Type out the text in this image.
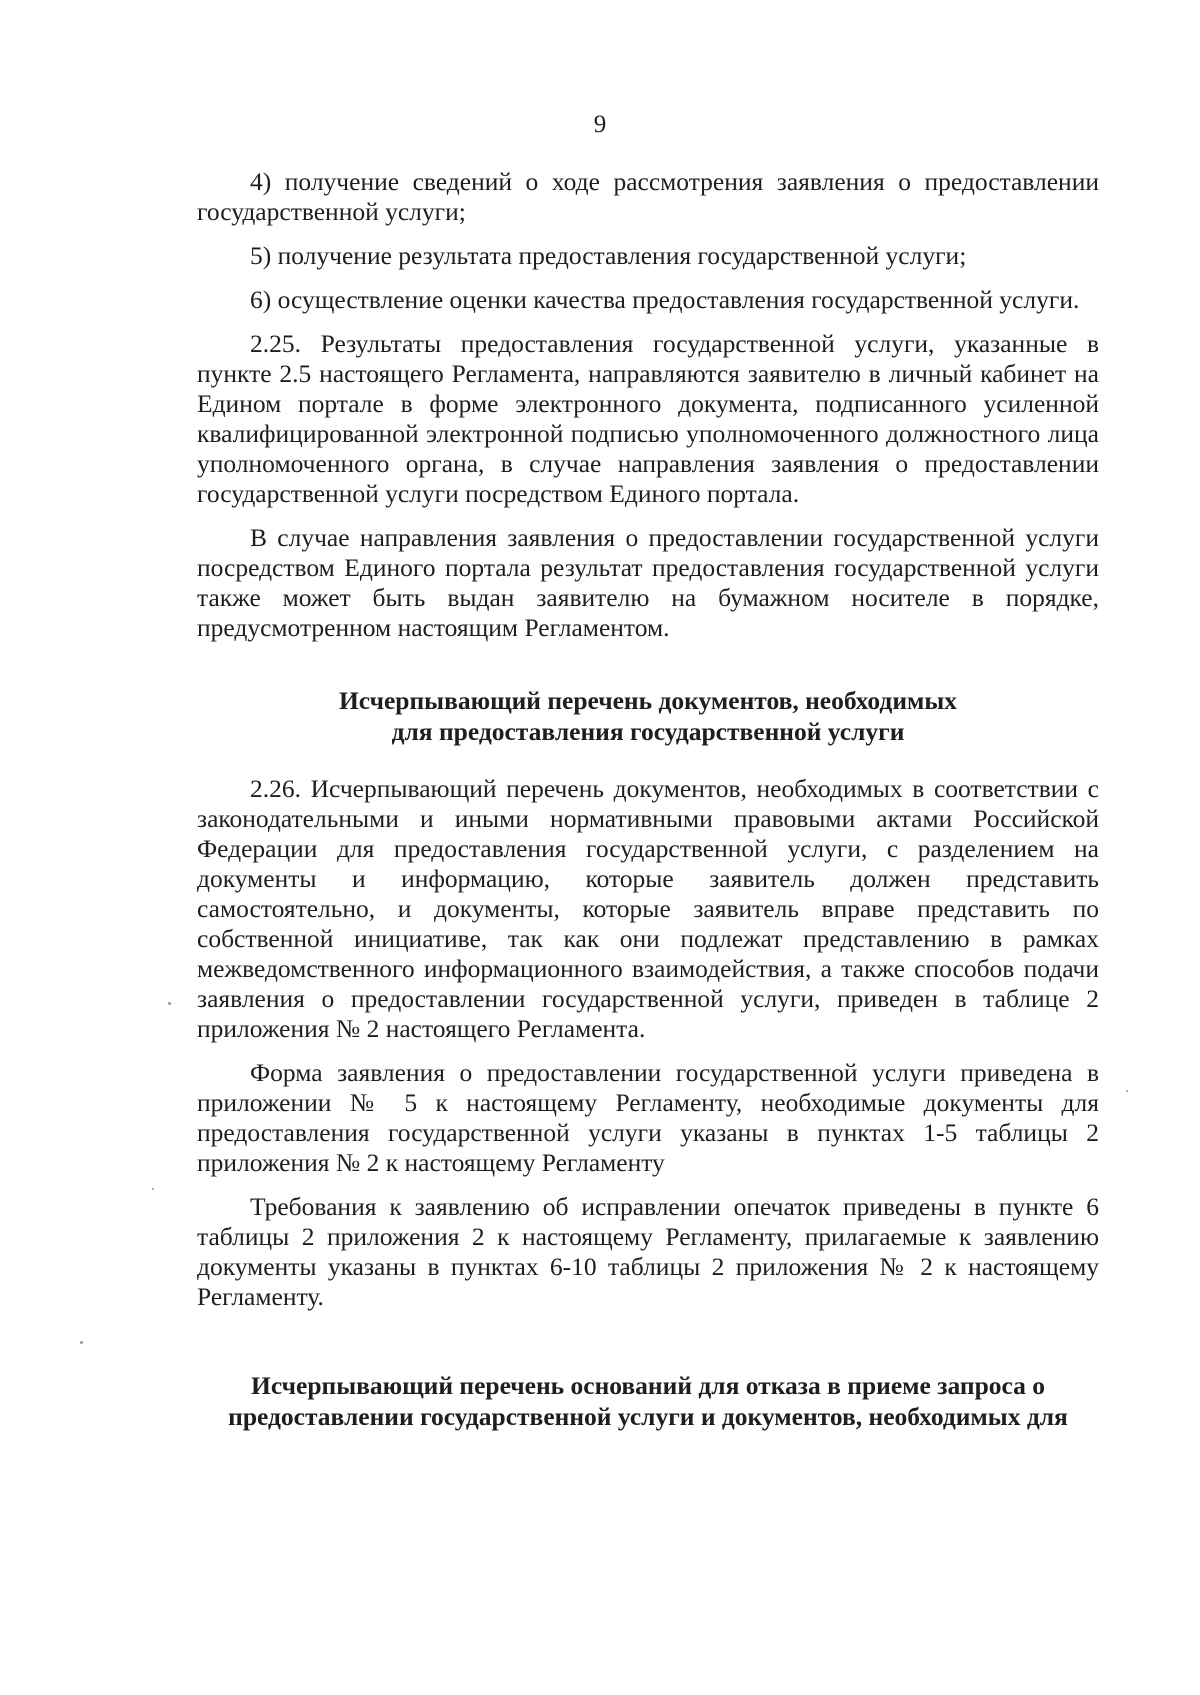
9

4) получение сведений о ходе рассмотрения заявления о предоставлении государственной услуги;

5) получение результата предоставления государственной услуги;

6) осуществление оценки качества предоставления государственной услуги.

2.25. Результаты предоставления государственной услуги, указанные в пункте 2.5 настоящего Регламента, направляются заявителю в личный кабинет на Едином портале в форме электронного документа, подписанного усиленной квалифицированной электронной подписью уполномоченного должностного лица уполномоченного органа, в случае направления заявления о предоставлении государственной услуги посредством Единого портала.

В случае направления заявления о предоставлении государственной услуги посредством Единого портала результат предоставления государственной услуги также может быть выдан заявителю на бумажном носителе в порядке, предусмотренном настоящим Регламентом.

Исчерпывающий перечень документов, необходимых
для предоставления государственной услуги

2.26. Исчерпывающий перечень документов, необходимых в соответствии с законодательными и иными нормативными правовыми актами Российской Федерации для предоставления государственной услуги, с разделением на документы и информацию, которые заявитель должен представить самостоятельно, и документы, которые заявитель вправе представить по собственной инициативе, так как они подлежат представлению в рамках межведомственного информационного взаимодействия, а также способов подачи заявления о предоставлении государственной услуги, приведен в таблице 2 приложения № 2 настоящего Регламента.

Форма заявления о предоставлении государственной услуги приведена в приложении № 5 к настоящему Регламенту, необходимые документы для предоставления государственной услуги указаны в пунктах 1-5 таблицы 2 приложения № 2 к настоящему Регламенту

Требования к заявлению об исправлении опечаток приведены в пункте 6 таблицы 2 приложения 2 к настоящему Регламенту, прилагаемые к заявлению документы указаны в пунктах 6-10 таблицы 2 приложения № 2 к настоящему Регламенту.

Исчерпывающий перечень оснований для отказа в приеме запроса о
предоставлении государственной услуги и документов, необходимых для
